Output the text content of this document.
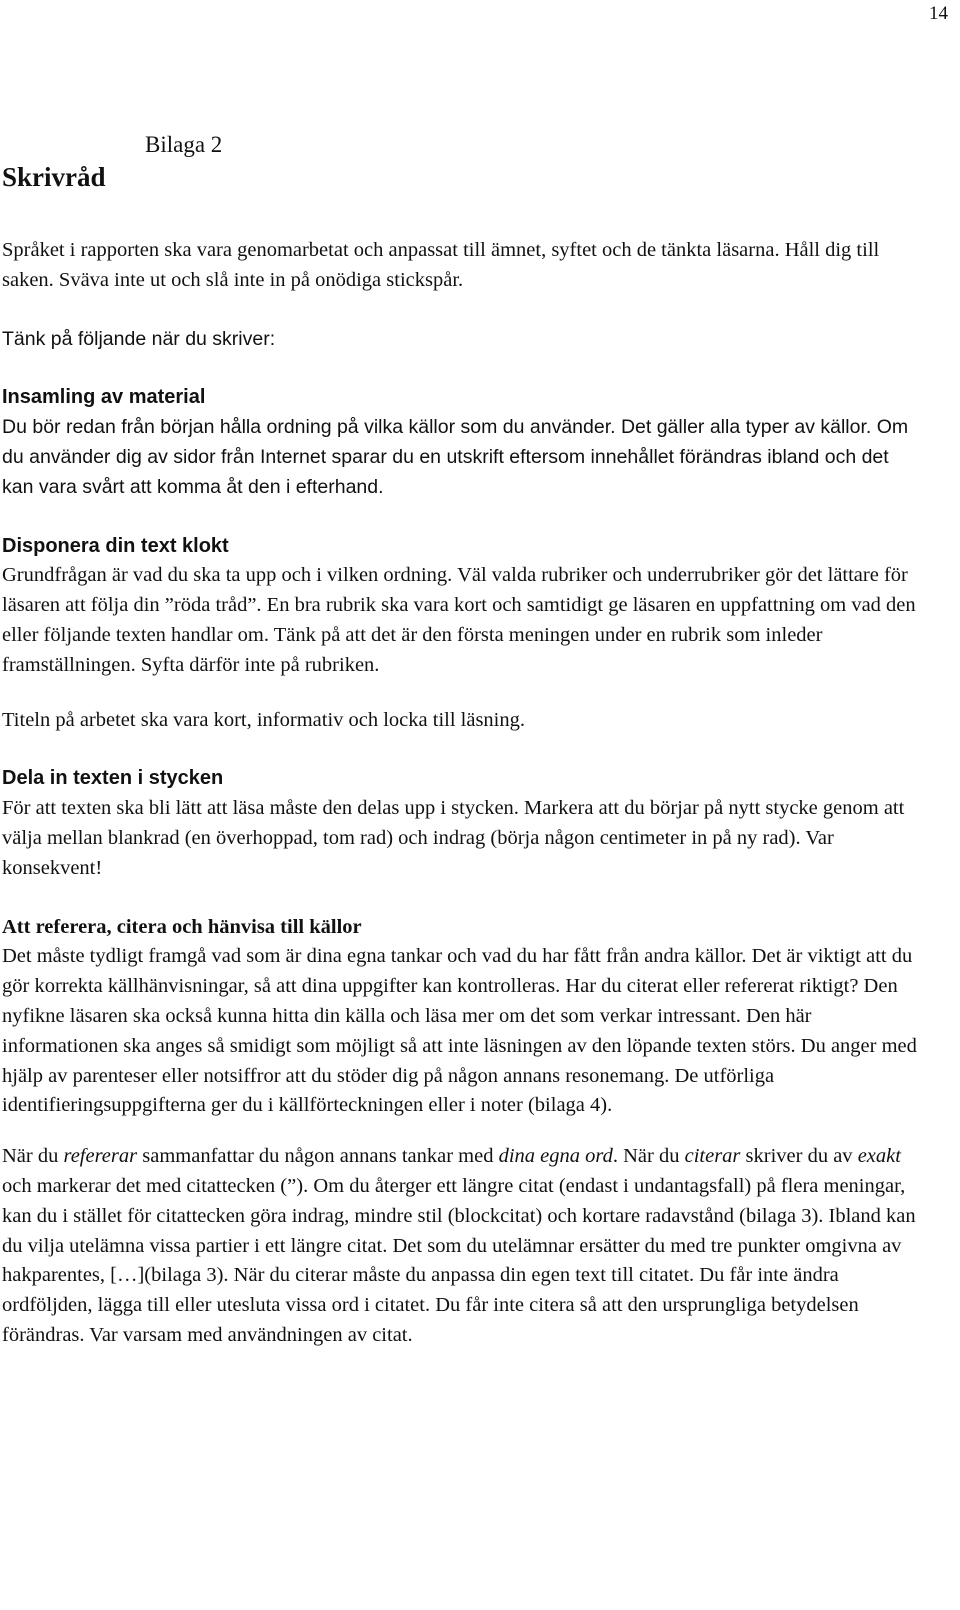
14
Skrivråd
Bilaga 2

Språket i rapporten ska vara genomarbetat och anpassat till ämnet, syftet och de tänkta läsarna. Håll dig till saken. Sväva inte ut och slå inte in på onödiga stickspår.

Tänk på följande när du skriver:

Insamling av material

Du bör redan från början hålla ordning på vilka källor som du använder. Det gäller alla typer av källor. Om du använder dig av sidor från Internet sparar du en utskrift eftersom innehållet förändras ibland och det kan vara svårt att komma åt den i efterhand.

Disponera din text klokt

Grundfrågan är vad du ska ta upp och i vilken ordning. Väl valda rubriker och underrubriker gör det lättare för läsaren att följa din ”röda tråd”. En bra rubrik ska vara kort och samtidigt ge läsaren en uppfattning om vad den eller följande texten handlar om. Tänk på att det är den första meningen under en rubrik som inleder framställningen. Syfta därför inte på rubriken.

Titeln på arbetet ska vara kort, informativ och locka till läsning.

Dela in texten i stycken

För att texten ska bli lätt att läsa måste den delas upp i stycken. Markera att du börjar på nytt stycke genom att välja mellan blankrad (en överhoppad, tom rad) och indrag (börja någon centimeter in på ny rad). Var konsekvent!

Att referera, citera och hänvisa till källor

Det måste tydligt framgå vad som är dina egna tankar och vad du har fått från andra källor. Det är viktigt att du gör korrekta källhänvisningar, så att dina uppgifter kan kontrolleras. Har du citerat eller refererat riktigt? Den nyfikne läsaren ska också kunna hitta din källa och läsa mer om det som verkar intressant. Den här informationen ska anges så smidigt som möjligt så att inte läsningen av den löpande texten störs. Du anger med hjälp av parenteser eller notsiffror att du stöder dig på någon annans resonemang. De utförliga identifieringsuppgifterna ger du i källförteckningen eller i noter (bilaga 4).

När du refererar sammanfattar du någon annans tankar med dina egna ord. När du citerar skriver du av exakt och markerar det med citattecken (”). Om du återger ett längre citat (endast i undantagsfall) på flera meningar, kan du i stället för citattecken göra indrag, mindre stil (blockcitat) och kortare radavstånd (bilaga 3). Ibland kan du vilja utelämna vissa partier i ett längre citat. Det som du utelämnar ersätter du med tre punkter omgivna av hakparentes, […](bilaga 3). När du citerar måste du anpassa din egen text till citatet. Du får inte ändra ordföljden, lägga till eller utesluta vissa ord i citatet. Du får inte citera så att den ursprungliga betydelsen förändras. Var varsam med användningen av citat.
